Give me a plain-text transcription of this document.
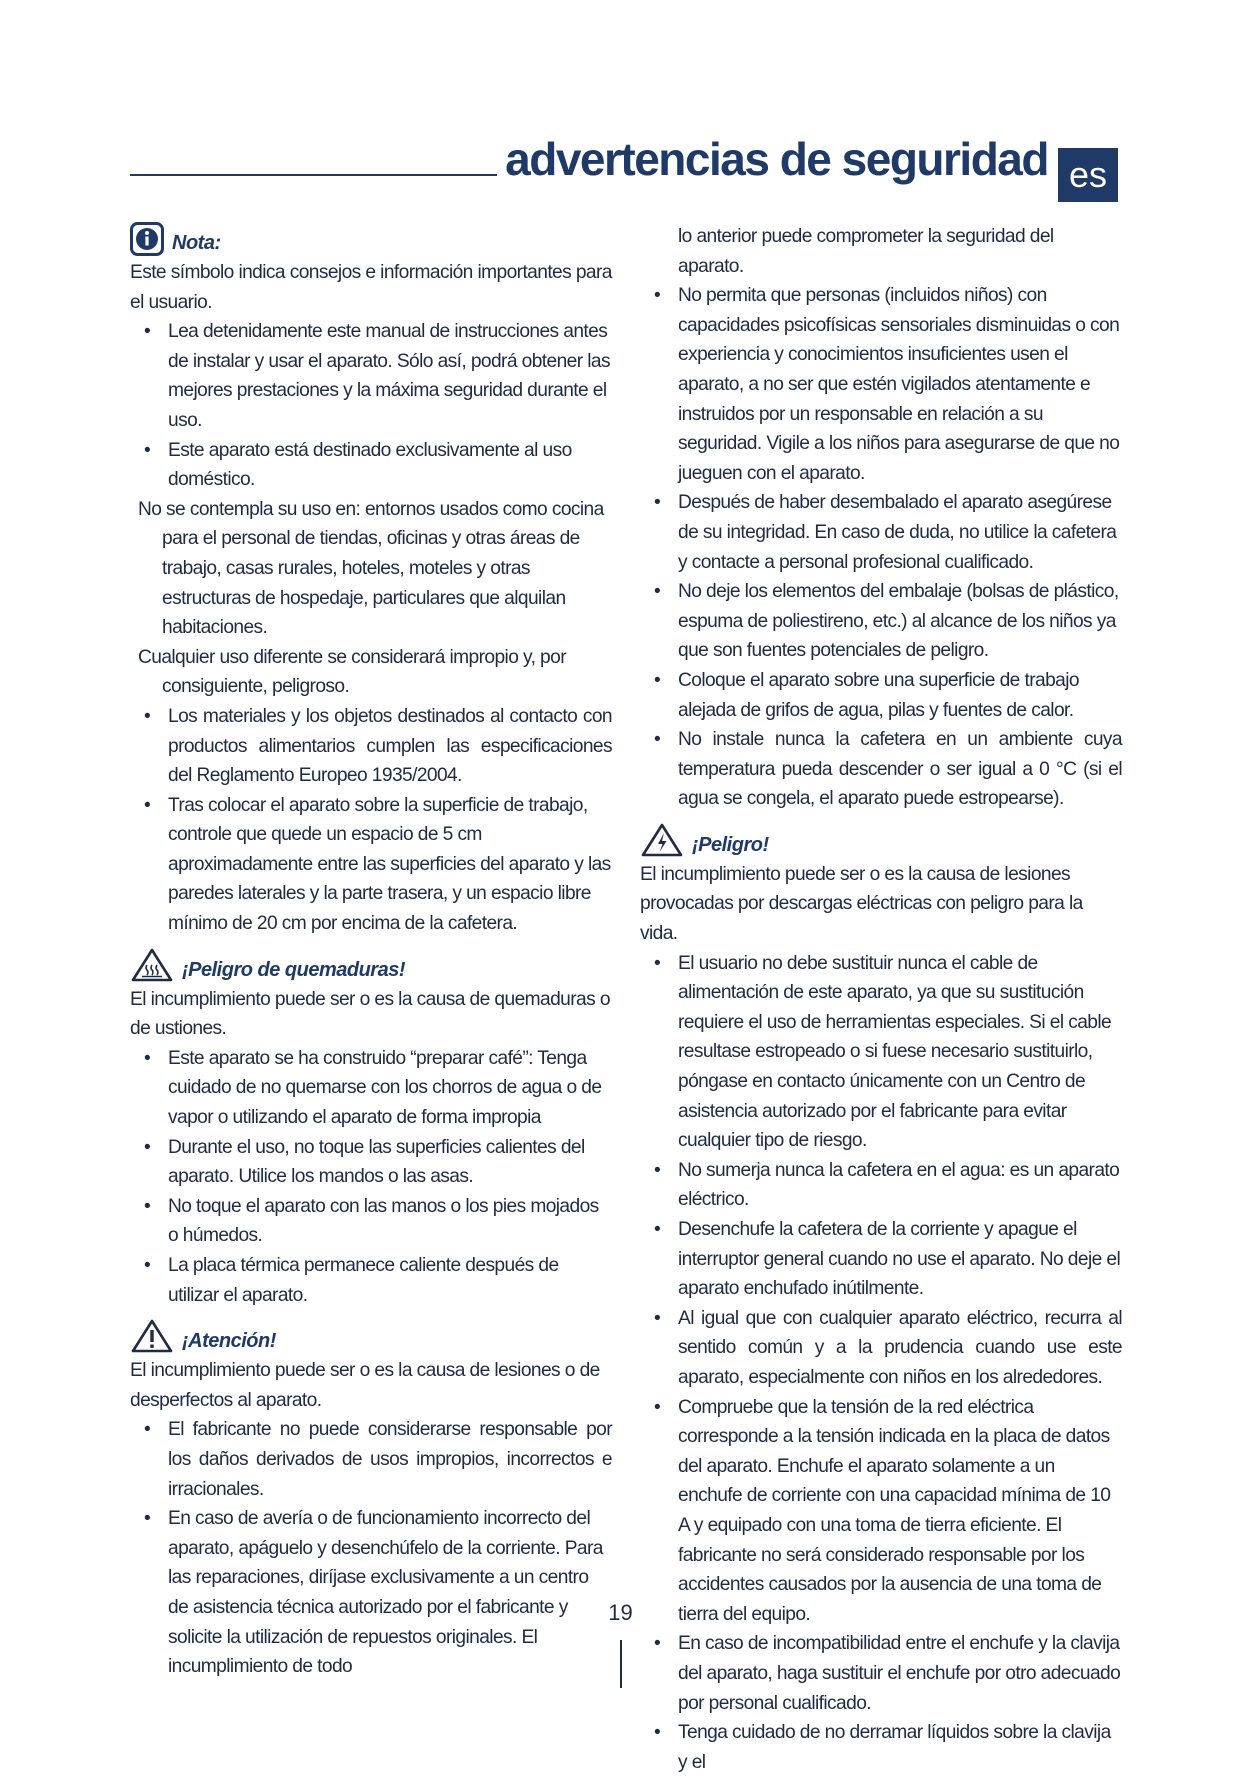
advertencias de seguridad es
Nota:

Este símbolo indica consejos e información importantes para el usuario.

• Lea detenidamente este manual de instrucciones antes de instalar y usar el aparato. Sólo así, podrá obtener las mejores prestaciones y la máxima seguridad durante el uso.

• Este aparato está destinado exclusivamente al uso doméstico.

No se contempla su uso en: entornos usados como cocina para el personal de tiendas, oficinas y otras áreas de trabajo, casas rurales, hoteles, moteles y otras estructuras de hospedaje, particulares que alquilan habitaciones.

Cualquier uso diferente se considerará impropio y, por consiguiente, peligroso.

• Los materiales y los objetos destinados al contacto con productos alimentarios cumplen las especificaciones del Reglamento Europeo 1935/2004.

• Tras colocar el aparato sobre la superficie de trabajo, controle que quede un espacio de 5 cm aproximadamente entre las superficies del aparato y las paredes laterales y la parte trasera, y un espacio libre mínimo de 20 cm por encima de la cafetera.

¡Peligro de quemaduras!

El incumplimiento puede ser o es la causa de quemaduras o de ustiones.

• Este aparato se ha construido “preparar café”: Tenga cuidado de no quemarse con los chorros de agua o de vapor o utilizando el aparato de forma impropia

• Durante el uso, no toque las superficies calientes del aparato. Utilice los mandos o las asas.

• No toque el aparato con las manos o los pies mojados o húmedos.

• La placa térmica permanece caliente después de utilizar el aparato.

¡Atención!

El incumplimiento puede ser o es la causa de lesiones o de desperfectos al aparato.

• El fabricante no puede considerarse responsable por los daños derivados de usos impropios, incorrectos e irracionales.

• En caso de avería o de funcionamiento incorrecto del aparato, apáguelo y desenchúfelo de la corriente. Para las reparaciones, diríjase exclusivamente a un centro de asistencia técnica autorizado por el fabricante y solicite la utilización de repuestos originales. El incumplimiento de todo

lo anterior puede comprometer la seguridad del aparato.

• No permita que personas (incluidos niños) con capacidades psicofísicas sensoriales disminuidas o con experiencia y conocimientos insuficientes usen el aparato, a no ser que estén vigilados atentamente e instruidos por un responsable en relación a su seguridad. Vigile a los niños para asegurarse de que no jueguen con el aparato.

• Después de haber desembalado el aparato asegúrese de su integridad. En caso de duda, no utilice la cafetera y contacte a personal profesional cualificado.

• No deje los elementos del embalaje (bolsas de plástico, espuma de poliestireno, etc.) al alcance de los niños ya que son fuentes potenciales de peligro.

• Coloque el aparato sobre una superficie de trabajo alejada de grifos de agua, pilas y fuentes de calor.

• No instale nunca la cafetera en un ambiente cuya temperatura pueda descender o ser igual a 0 °C (si el agua se congela, el aparato puede estropearse).

¡Peligro!

El incumplimiento puede ser o es la causa de lesiones provocadas por descargas eléctricas con peligro para la vida.

• El usuario no debe sustituir nunca el cable de alimentación de este aparato, ya que su sustitución requiere el uso de herramientas especiales. Si el cable resultase estropeado o si fuese necesario sustituirlo, póngase en contacto únicamente con un Centro de asistencia autorizado por el fabricante para evitar cualquier tipo de riesgo.

• No sumerja nunca la cafetera en el agua: es un aparato eléctrico.

• Desenchufe la cafetera de la corriente y apague el interruptor general cuando no use el aparato. No deje el aparato enchufado inútilmente.

• Al igual que con cualquier aparato eléctrico, recurra al sentido común y a la prudencia cuando use este aparato, especialmente con niños en los alrededores.

• Compruebe que la tensión de la red eléctrica corresponde a la tensión indicada en la placa de datos del aparato. Enchufe el aparato solamente a un enchufe de corriente con una capacidad mínima de 10 A y equipado con una toma de tierra eficiente. El fabricante no será considerado responsable por los accidentes causados por la ausencia de una toma de tierra del equipo.

• En caso de incompatibilidad entre el enchufe y la clavija del aparato, haga sustituir el enchufe por otro adecuado por personal cualificado.

• Tenga cuidado de no derramar líquidos sobre la clavija y el

19
